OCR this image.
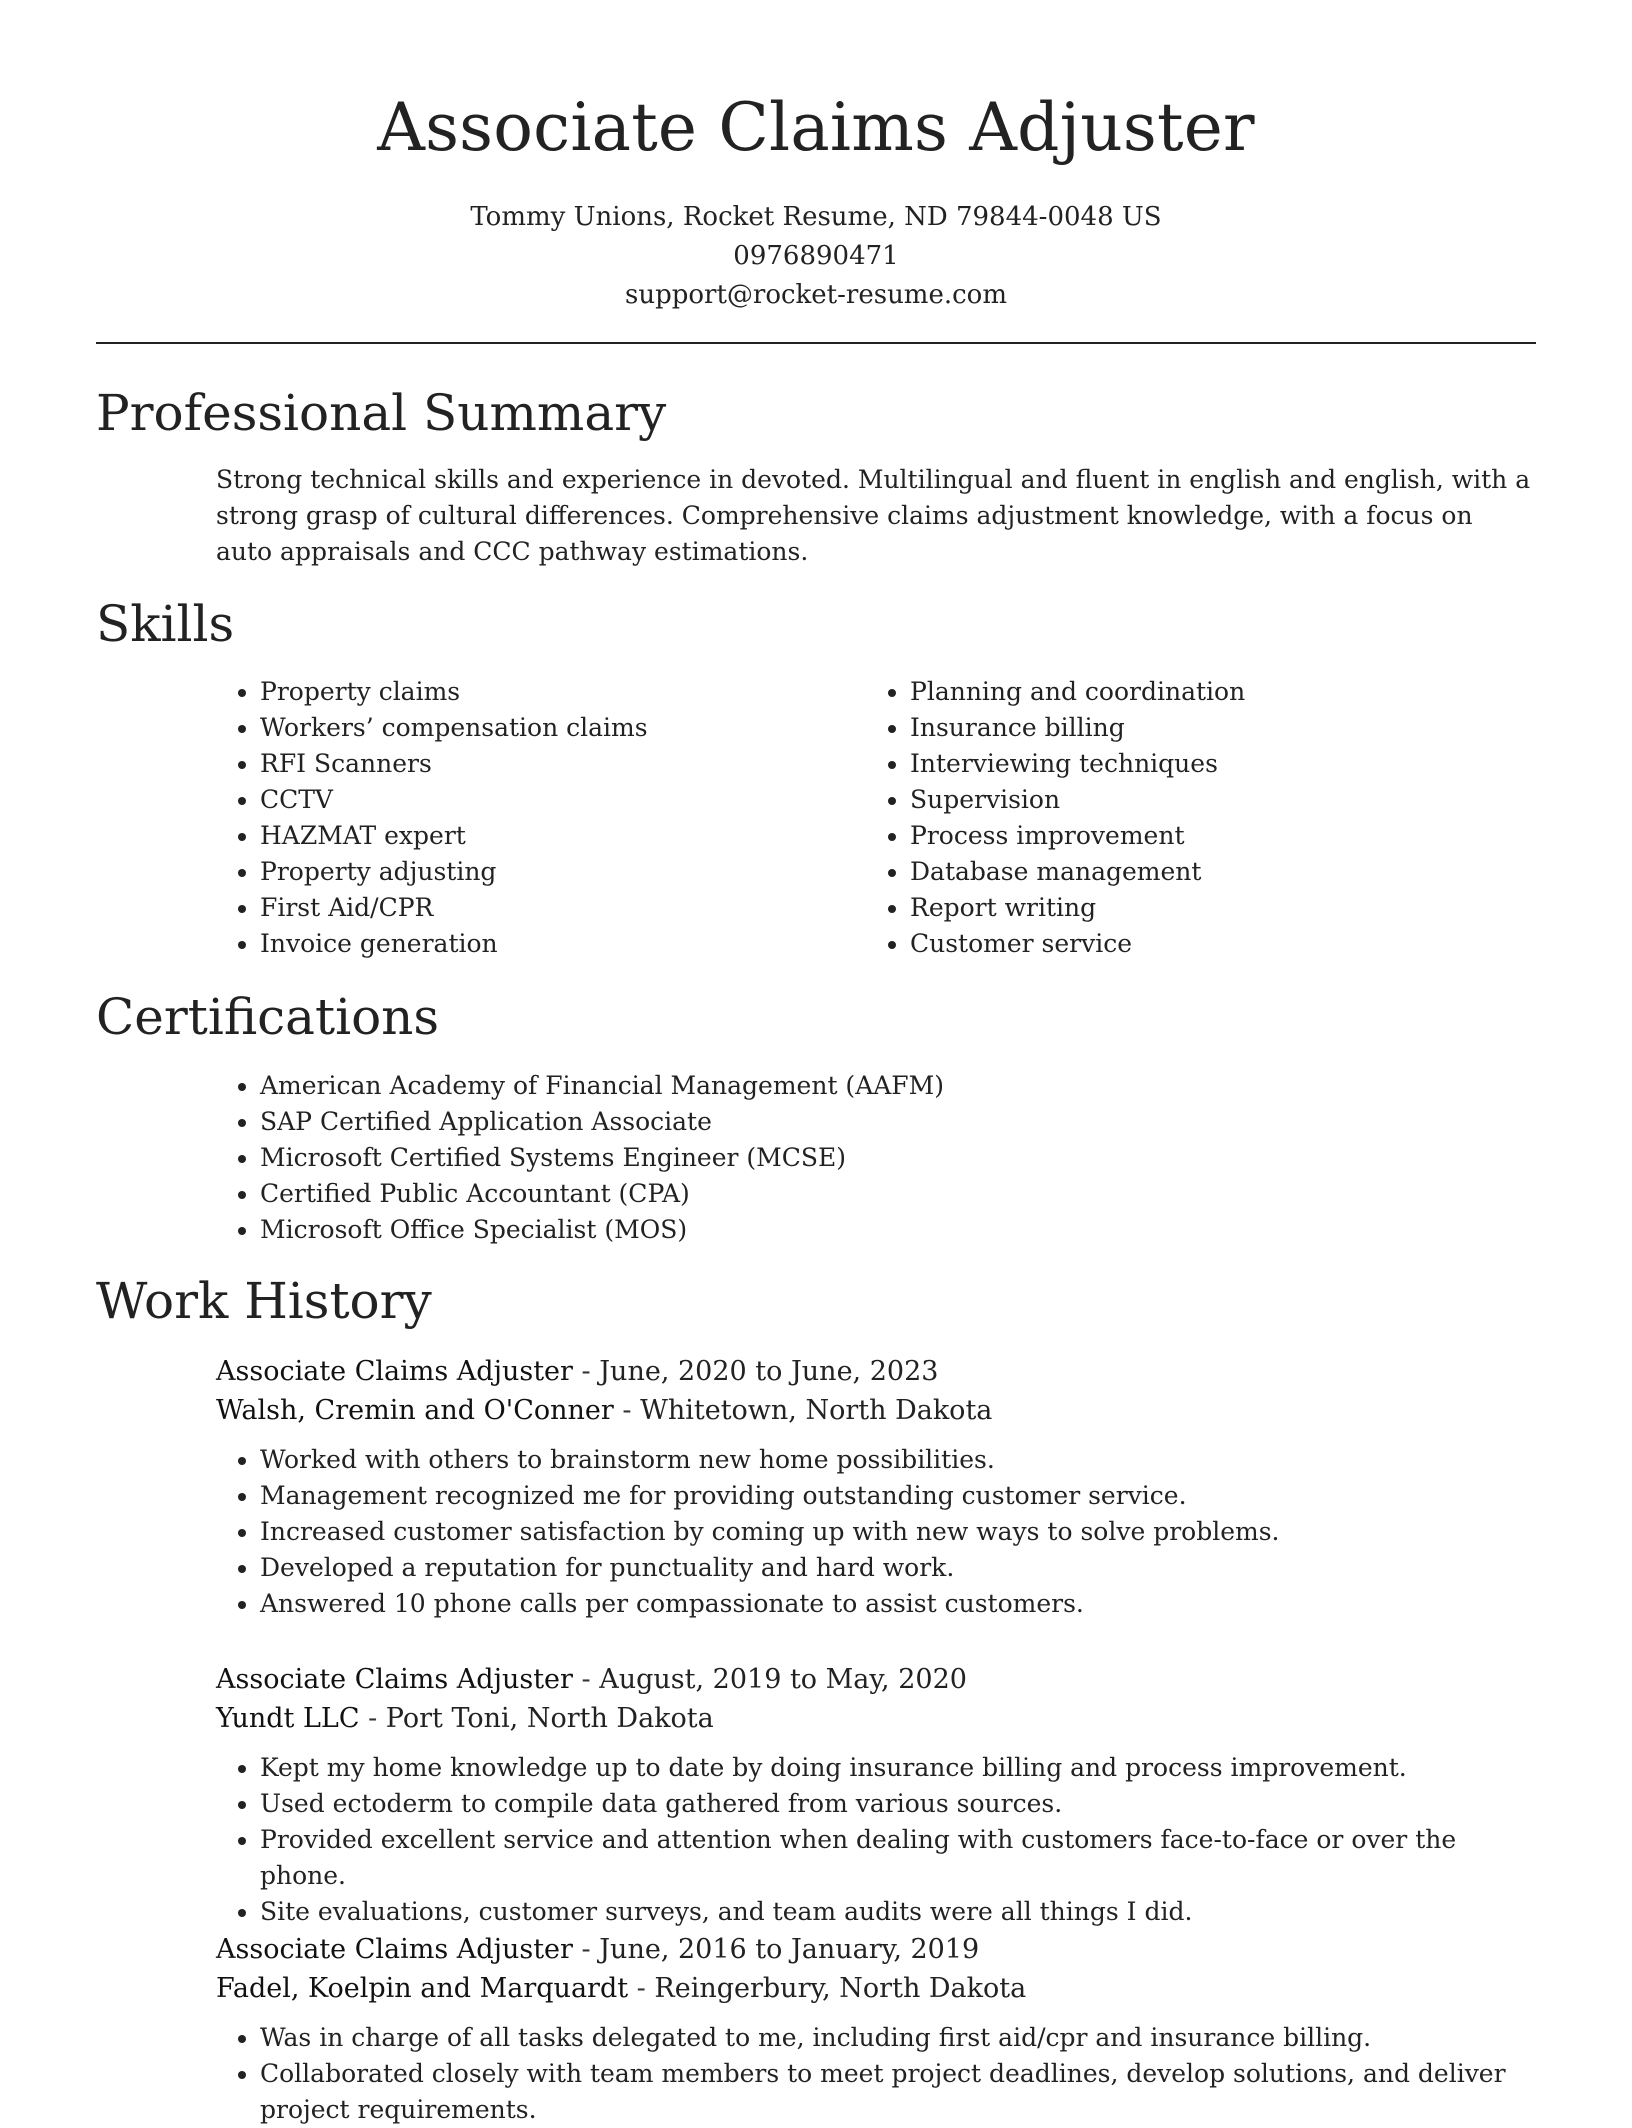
Associate Claims Adjuster
Tommy Unions, Rocket Resume, ND 79844-0048 US
0976890471
support@rocket-resume.com
Professional Summary

Strong technical skills and experience in devoted. Multilingual and fluent in english and english, with a strong grasp of cultural differences. Comprehensive claims adjustment knowledge, with a focus on auto appraisals and CCC pathway estimations.

Skills
• Property claims
• Workers’ compensation claims
• RFI Scanners
• CCTV
• HAZMAT expert
• Property adjusting
• First Aid/CPR
• Invoice generation
• Planning and coordination
• Insurance billing
• Interviewing techniques
• Supervision
• Process improvement
• Database management
• Report writing
• Customer service
Certifications
• American Academy of Financial Management (AAFM)
• SAP Certified Application Associate
• Microsoft Certified Systems Engineer (MCSE)
• Certified Public Accountant (CPA)
• Microsoft Office Specialist (MOS)
Work History
Associate Claims Adjuster - June, 2020 to June, 2023
Walsh, Cremin and O'Conner - Whitetown, North Dakota
• Worked with others to brainstorm new home possibilities.
• Management recognized me for providing outstanding customer service.
• Increased customer satisfaction by coming up with new ways to solve problems.
• Developed a reputation for punctuality and hard work.
• Answered 10 phone calls per compassionate to assist customers.
Associate Claims Adjuster - August, 2019 to May, 2020
Yundt LLC - Port Toni, North Dakota
• Kept my home knowledge up to date by doing insurance billing and process improvement.
• Used ectoderm to compile data gathered from various sources.
• Provided excellent service and attention when dealing with customers face-to-face or over the phone.
• Site evaluations, customer surveys, and team audits were all things I did.
Associate Claims Adjuster - June, 2016 to January, 2019
Fadel, Koelpin and Marquardt - Reingerbury, North Dakota
• Was in charge of all tasks delegated to me, including first aid/cpr and insurance billing.
• Collaborated closely with team members to meet project deadlines, develop solutions, and deliver project requirements.
